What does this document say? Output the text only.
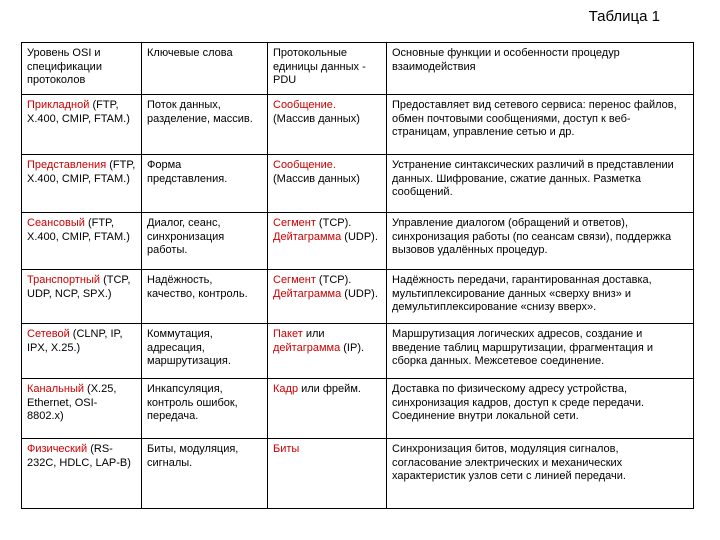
Таблица 1
Уровень OSI и спецификации протоколов	Ключевые слова	Протокольные единицы данных - PDU	Основные функции и особенности процедур взаимодействия
Прикладной (FTP, X.400, CMIP, FTAM.)	Поток данных, разделение, массив.	Сообщение. (Массив данных)	Предоставляет вид сетевого сервиса: перенос файлов, обмен почтовыми сообщениями, доступ к веб-страницам, управление сетью и др.
Представления (FTP, X.400, CMIP, FTAM.)	Форма представления.	Сообщение. (Массив данных)	Устранение синтаксических различий в представлении данных. Шифрование, сжатие данных. Разметка сообщений.
Сеансовый (FTP, X.400, CMIP, FTAM.)	Диалог, сеанс, синхронизация работы.	Сегмент (TCP). Дейтаграмма (UDP).	Управление диалогом (обращений и ответов), синхронизация работы (по сеансам связи), поддержка вызовов удалённых процедур.
Транспортный (TCP, UDP, NCP, SPX.)	Надёжность, качество, контроль.	Сегмент (TCP). Дейтаграмма (UDP).	Надёжность передачи, гарантированная доставка, мультиплексирование данных «сверху вниз» и демультиплексирование «снизу вверх».
Сетевой (CLNP, IP, IPX, X.25.)	Коммутация, адресация, маршрутизация.	Пакет или дейтаграмма (IP).	Маршрутизация логических адресов, создание и введение таблиц маршрутизации, фрагментация и сборка данных. Межсетевое соединение.
Канальный (X.25, Ethernet, OSI- 8802.x)	Инкапсуляция, контроль ошибок, передача.	Кадр или фрейм.	Доставка по физическому адресу устройства, синхронизация кадров, доступ к среде передачи. Соединение внутри локальной сети.
Физический (RS-232C, HDLC, LAP-B)	Биты, модуляция, сигналы.	Биты	Синхронизация битов, модуляция сигналов, согласование электрических и механических характеристик узлов сети с линией передачи.
